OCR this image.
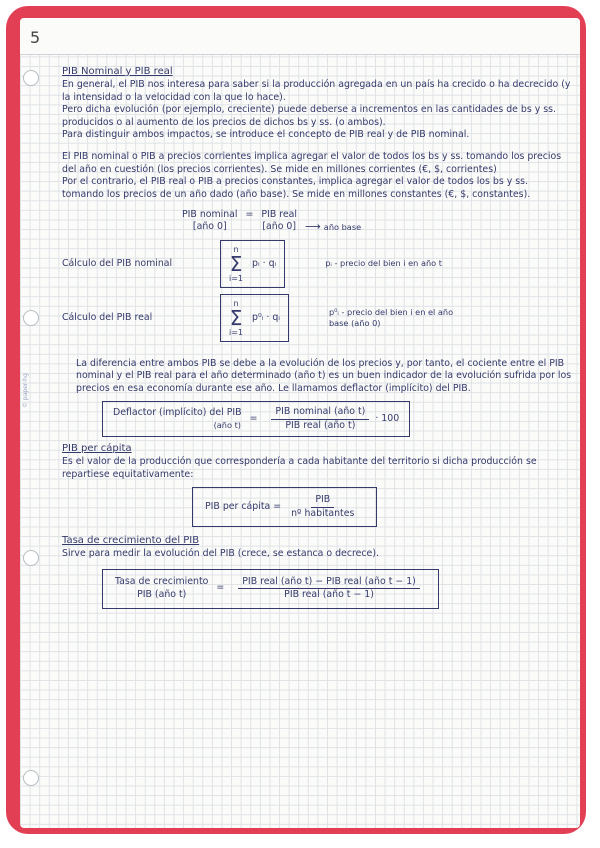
5
© paper-hg
PIB Nominal y PIB real

En general, el PIB nos interesa para saber si la producción agregada en un país ha crecido o ha decrecido (y la intensidad o la velocidad con la que lo hace).

Pero dicha evolución (por ejemplo, creciente) puede deberse a incrementos en las cantidades de bs y ss. producidos o al aumento de los precios de dichos bs y ss. (o ambos).

Para distinguir ambos impactos, se introduce el concepto de PIB real y de PIB nominal.

El PIB nominal o PIB a precios corrientes implica agregar el valor de todos los bs y ss. tomando los precios del año en cuestión (los precios corrientes). Se mide en millones corrientes (€, $, corrientes)

Por el contrario, el PIB real o PIB a precios constantes, implica agregar el valor de todos los bs y ss. tomando los precios de un año dado (año base). Se mide en millones constantes (€, $, constantes).

PIB nominal
[año 0]
= PIB real
[año 0] ⟶ año base
Cálculo del PIB nominal
n
Σ
i=1
pᵢ · qᵢ	pᵢ - precio del bien i en año t
Cálculo del PIB real
n
Σ
i=1
p⁰ᵢ · qᵢ
p⁰ᵢ - precio del bien i en el año base (año 0)

La diferencia entre ambos PIB se debe a la evolución de los precios y, por tanto, el cociente entre el PIB nominal y el PIB real para el año determinado (año t) es un buen indicador de la evolución sufrida por los precios en esa economía durante ese año. Le llamamos deflactor (implícito) del PIB.

Deflactor (implícito) del PIB
(año t)
= $\frac{\text{PIB nominal (año t)}}{\text{PIB real (año t)}} \cdot 100$
PIB per cápita

Es el valor de la producción que correspondería a cada habitante del territorio si dicha producción se repartiese equitativamente:

PIB per cápita = $\frac{\text{PIB}}{\text{nº habitantes}}$
Tasa de crecimiento del PIB

Sirve para medir la evolución del PIB (crece, se estanca o decrece).

Tasa de crecimiento
PIB (año t)
= $\frac{\text{PIB real (año t) − PIB real (año t − 1)}}{\text{PIB real (año t − 1)}}$
